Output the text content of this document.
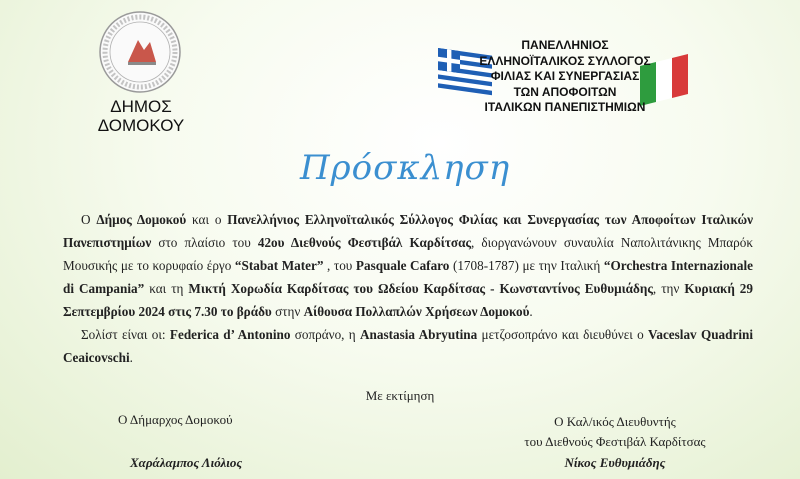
ΔΗΜΟΣ
ΔΟΜΟΚΟΥ
ΠΑΝΕΛΛΗΝΙΟΣ
ΕΛΛΗΝΟΪΤΑΛΙΚΟΣ ΣΥΛΛΟΓΟΣ
ΦΙΛΙΑΣ ΚΑΙ ΣΥΝΕΡΓΑΣΙΑΣ
ΤΩΝ ΑΠΟΦΟΙΤΩΝ
ΙΤΑΛΙΚΩΝ ΠΑΝΕΠΙΣΤΗΜΙΩΝ
Πρόσκληση

Ο Δήμος Δομοκού και ο Πανελλήνιος Ελληνοϊταλικός Σύλλογος Φιλίας και Συνεργασίας των Αποφοίτων Ιταλικών Πανεπιστημίων στο πλαίσιο του 42ου Διεθνούς Φεστιβάλ Καρδίτσας, διοργανώνουν συναυλία Ναπολιτάνικης Μπαρόκ Μουσικής με το κορυφαίο έργο “Stabat Mater” , του Pasquale Cafaro (1708-1787) με την Ιταλική “Orchestra Internazionale di Campania” και τη Μικτή Χορωδία Καρδίτσας του Ωδείου Καρδίτσας - Κωνσταντίνος Ευθυμιάδης, την Κυριακή 29 Σεπτεμβρίου 2024 στις 7.30 το βράδυ στην Αίθουσα Πολλαπλών Χρήσεων Δομοκού.

Σολίστ είναι οι: Federica d’ Antonino σοπράνο, η Anastasia Abryutina μετζοσοπράνο και διευθύνει ο Vaceslav Quadrini Ceaicovschi.

Με εκτίμηση
Ο Δήμαρχος Δομοκού	Ο Καλ/ικός Διευθυντής
του Διεθνούς Φεστιβάλ Καρδίτσας
Χαράλαμπος Λιόλιος	Νίκος Ευθυμιάδης
